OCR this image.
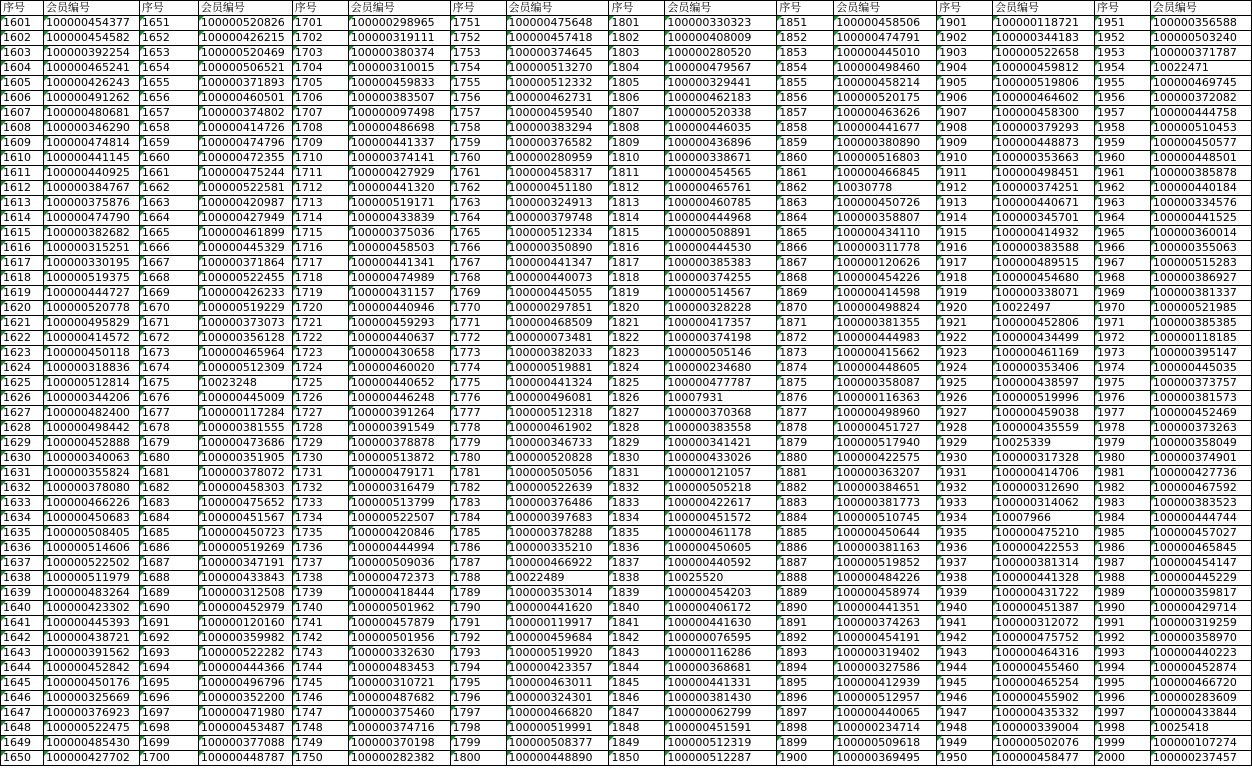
序号	会员编号	序号	会员编号	序号	会员编号	序号	会员编号	序号	会员编号	序号	会员编号	序号	会员编号	序号	会员编号
1601	100000454377	1651	100000520826	1701	100000298965	1751	100000475648	1801	100000330323	1851	100000458506	1901	100000118721	1951	100000356588
1602	100000454582	1652	100000426215	1702	100000319111	1752	100000457418	1802	100000408009	1852	100000474791	1902	100000344183	1952	100000503240
1603	100000392254	1653	100000520469	1703	100000380374	1753	100000374645	1803	100000280520	1853	100000445010	1903	100000522658	1953	100000371787
1604	100000465241	1654	100000506521	1704	100000310015	1754	100000513270	1804	100000479567	1854	100000498460	1904	100000459812	1954	10022471
1605	100000426243	1655	100000371893	1705	100000459833	1755	100000512332	1805	100000329441	1855	100000458214	1905	100000519806	1955	100000469745
1606	100000491262	1656	100000460501	1706	100000383507	1756	100000462731	1806	100000462183	1856	100000520175	1906	100000464602	1956	100000372082
1607	100000480681	1657	100000374802	1707	100000097498	1757	100000459540	1807	100000520338	1857	100000463626	1907	100000458300	1957	100000444758
1608	100000346290	1658	100000414726	1708	100000486698	1758	100000383294	1808	100000446035	1858	100000441677	1908	100000379293	1958	100000510453
1609	100000474814	1659	100000474796	1709	100000441337	1759	100000376582	1809	100000436896	1859	100000380890	1909	100000448873	1959	100000450577
1610	100000441145	1660	100000472355	1710	100000374141	1760	100000280959	1810	100000338671	1860	100000516803	1910	100000353663	1960	100000448501
1611	100000440925	1661	100000475244	1711	100000427929	1761	100000458317	1811	100000454565	1861	100000466845	1911	100000498451	1961	100000385878
1612	100000384767	1662	100000522581	1712	100000441320	1762	100000451180	1812	100000465761	1862	10030778	1912	100000374251	1962	100000440184
1613	100000375876	1663	100000420987	1713	100000519171	1763	100000324913	1813	100000460785	1863	100000450726	1913	100000440671	1963	100000334576
1614	100000474790	1664	100000427949	1714	100000433839	1764	100000379748	1814	100000444968	1864	100000358807	1914	100000345701	1964	100000441525
1615	100000382682	1665	100000461899	1715	100000375036	1765	100000512334	1815	100000508891	1865	100000434110	1915	100000414932	1965	100000360014
1616	100000315251	1666	100000445329	1716	100000458503	1766	100000350890	1816	100000444530	1866	100000311778	1916	100000383588	1966	100000355063
1617	100000330195	1667	100000371864	1717	100000441341	1767	100000441347	1817	100000385383	1867	100000120626	1917	100000489515	1967	100000515283
1618	100000519375	1668	100000522455	1718	100000474989	1768	100000440073	1818	100000374255	1868	100000454226	1918	100000454680	1968	100000386927
1619	100000444727	1669	100000426233	1719	100000431157	1769	100000445055	1819	100000514567	1869	100000414598	1919	100000338071	1969	100000381337
1620	100000520778	1670	100000519229	1720	100000440946	1770	100000297851	1820	100000328228	1870	100000498824	1920	10022497	1970	100000521985
1621	100000495829	1671	100000373073	1721	100000459293	1771	100000468509	1821	100000417357	1871	100000381355	1921	100000452806	1971	100000385385
1622	100000414572	1672	100000356128	1722	100000440637	1772	100000073481	1822	100000374198	1872	100000444983	1922	100000434499	1972	100000118185
1623	100000450118	1673	100000465964	1723	100000430658	1773	100000382033	1823	100000505146	1873	100000415662	1923	100000461169	1973	100000395147
1624	100000318836	1674	100000512309	1724	100000460020	1774	100000519881	1824	100000234680	1874	100000448605	1924	100000353406	1974	100000445035
1625	100000512814	1675	10023248	1725	100000440652	1775	100000441324	1825	100000477787	1875	100000358087	1925	100000438597	1975	100000373757
1626	100000344206	1676	100000445009	1726	100000446248	1776	100000496081	1826	10007931	1876	100000116363	1926	100000519996	1976	100000381573
1627	100000482400	1677	100000117284	1727	100000391264	1777	100000512318	1827	100000370368	1877	100000498960	1927	100000459038	1977	100000452469
1628	100000498442	1678	100000381555	1728	100000391549	1778	100000461902	1828	100000383558	1878	100000451727	1928	100000435559	1978	100000373263
1629	100000452888	1679	100000473686	1729	100000378878	1779	100000346733	1829	100000341421	1879	100000517940	1929	10025339	1979	100000358049
1630	100000340063	1680	100000351905	1730	100000513872	1780	100000520828	1830	100000433026	1880	100000422575	1930	100000317328	1980	100000374901
1631	100000355824	1681	100000378072	1731	100000479171	1781	100000505056	1831	100000121057	1881	100000363207	1931	100000414706	1981	100000427736
1632	100000378080	1682	100000458303	1732	100000316479	1782	100000522639	1832	100000505218	1882	100000384651	1932	100000312690	1982	100000467592
1633	100000466226	1683	100000475652	1733	100000513799	1783	100000376486	1833	100000422617	1883	100000381773	1933	100000314062	1983	100000383523
1634	100000450683	1684	100000451567	1734	100000522507	1784	100000397683	1834	100000451572	1884	100000510745	1934	10007966	1984	100000444744
1635	100000508405	1685	100000450723	1735	100000420846	1785	100000378288	1835	100000461178	1885	100000450644	1935	100000475210	1985	100000457027
1636	100000514606	1686	100000519269	1736	100000444994	1786	100000335210	1836	100000450605	1886	100000381163	1936	100000422553	1986	100000465845
1637	100000522502	1687	100000347191	1737	100000509036	1787	100000466922	1837	100000440592	1887	100000519852	1937	100000381314	1987	100000454147
1638	100000511979	1688	100000433843	1738	100000472373	1788	10022489	1838	10025520	1888	100000484226	1938	100000441328	1988	100000445229
1639	100000483264	1689	100000312508	1739	100000418444	1789	100000353014	1839	100000454203	1889	100000458974	1939	100000431722	1989	100000359817
1640	100000423302	1690	100000452979	1740	100000501962	1790	100000441620	1840	100000406172	1890	100000441351	1940	100000451387	1990	100000429714
1641	100000445393	1691	100000120160	1741	100000457879	1791	100000119917	1841	100000441630	1891	100000374263	1941	100000312072	1991	100000319259
1642	100000438721	1692	100000359982	1742	100000501956	1792	100000459684	1842	100000076595	1892	100000454191	1942	100000475752	1992	100000358970
1643	100000391562	1693	100000522282	1743	100000332630	1793	100000519920	1843	100000116286	1893	100000319402	1943	100000464316	1993	100000440223
1644	100000452842	1694	100000444366	1744	100000483453	1794	100000423357	1844	100000368681	1894	100000327586	1944	100000455460	1994	100000452874
1645	100000450176	1695	100000496796	1745	100000310721	1795	100000463011	1845	100000441331	1895	100000412939	1945	100000465254	1995	100000466720
1646	100000325669	1696	100000352200	1746	100000487682	1796	100000324301	1846	100000381430	1896	100000512957	1946	100000455902	1996	100000283609
1647	100000376923	1697	100000471980	1747	100000375460	1797	100000466820	1847	100000062799	1897	100000440065	1947	100000435332	1997	100000433844
1648	100000522475	1698	100000453487	1748	100000374716	1798	100000519991	1848	100000451591	1898	100000234714	1948	100000339004	1998	10025418
1649	100000485430	1699	100000377088	1749	100000370198	1799	100000508377	1849	100000512319	1899	100000509618	1949	100000502076	1999	100000107274
1650	100000427702	1700	100000448787	1750	100000282382	1800	100000448890	1850	100000512287	1900	100000369495	1950	100000458477	2000	100000237457
